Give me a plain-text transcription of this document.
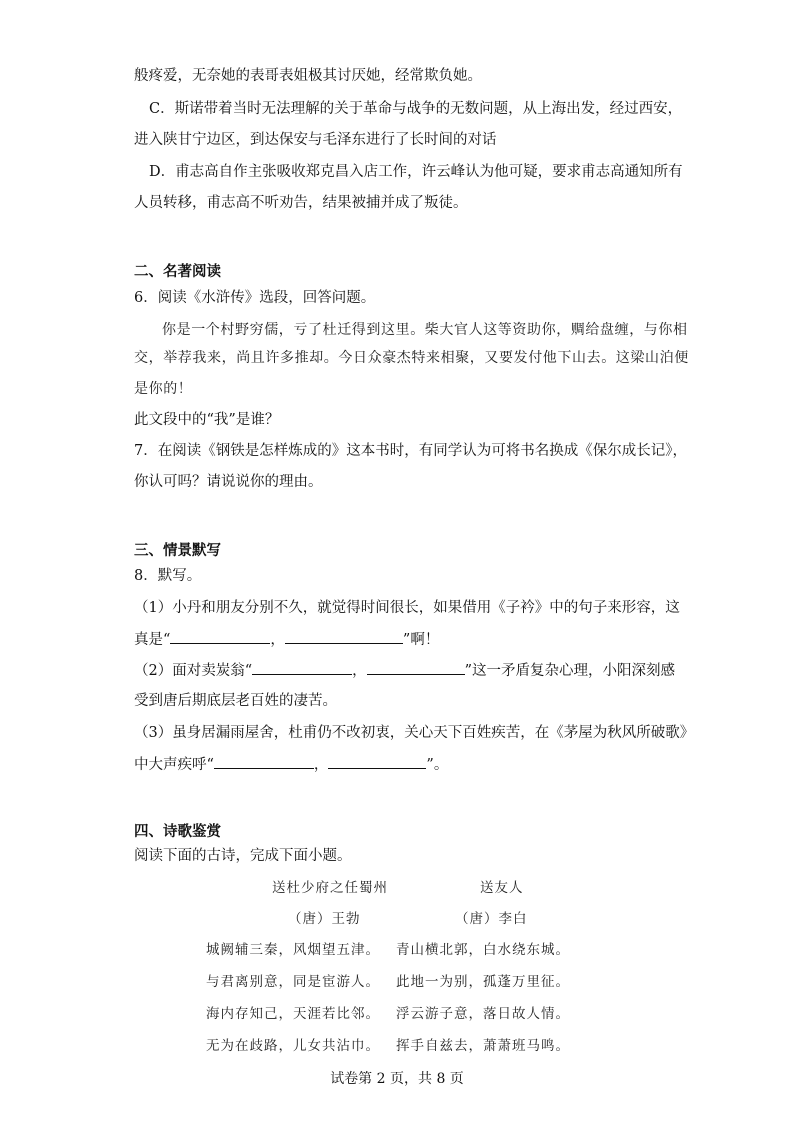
般疼爱，无奈她的表哥表姐极其讨厌她，经常欺负她。
C．斯诺带着当时无法理解的关于革命与战争的无数问题，从上海出发，经过西安，
进入陕甘宁边区，到达保安与毛泽东进行了长时间的对话
D．甫志高自作主张吸收郑克昌入店工作，许云峰认为他可疑，要求甫志高通知所有
人员转移，甫志高不听劝告，结果被捕并成了叛徒。
二、名著阅读
6．阅读《水浒传》选段，回答问题。
你是一个村野穷儒，亏了杜迁得到这里。柴大官人这等资助你，赒给盘缠，与你相
交，举荐我来，尚且许多推却。今日众豪杰特来相聚，又要发付他下山去。这梁山泊便
是你的！
此文段中的“我”是谁？
7．在阅读《钢铁是怎样炼成的》这本书时，有同学认为可将书名换成《保尔成长记》，
你认可吗？请说说你的理由。
三、情景默写
8．默写。
（1）小丹和朋友分别不久，就觉得时间很长，如果借用《子衿》中的句子来形容，这
真是“	，	”啊！
（2）面对卖炭翁“	，	”这一矛盾复杂心理，小阳深刻感
受到唐后期底层老百姓的凄苦。
（3）虽身居漏雨屋舍，杜甫仍不改初衷，关心天下百姓疾苦，在《茅屋为秋风所破歌》
中大声疾呼“	，	”。
四、诗歌鉴赏
阅读下面的古诗，完成下面小题。
送杜少府之任蜀州
（唐）王勃
城阙辅三秦，风烟望五津。
与君离别意，同是宦游人。
海内存知己，天涯若比邻。
无为在歧路，儿女共沾巾。
送友人
（唐）李白
青山横北郭，白水绕东城。
此地一为别，孤蓬万里征。
浮云游子意，落日故人情。
挥手自兹去，萧萧班马鸣。
试卷第 2 页，共 8 页
